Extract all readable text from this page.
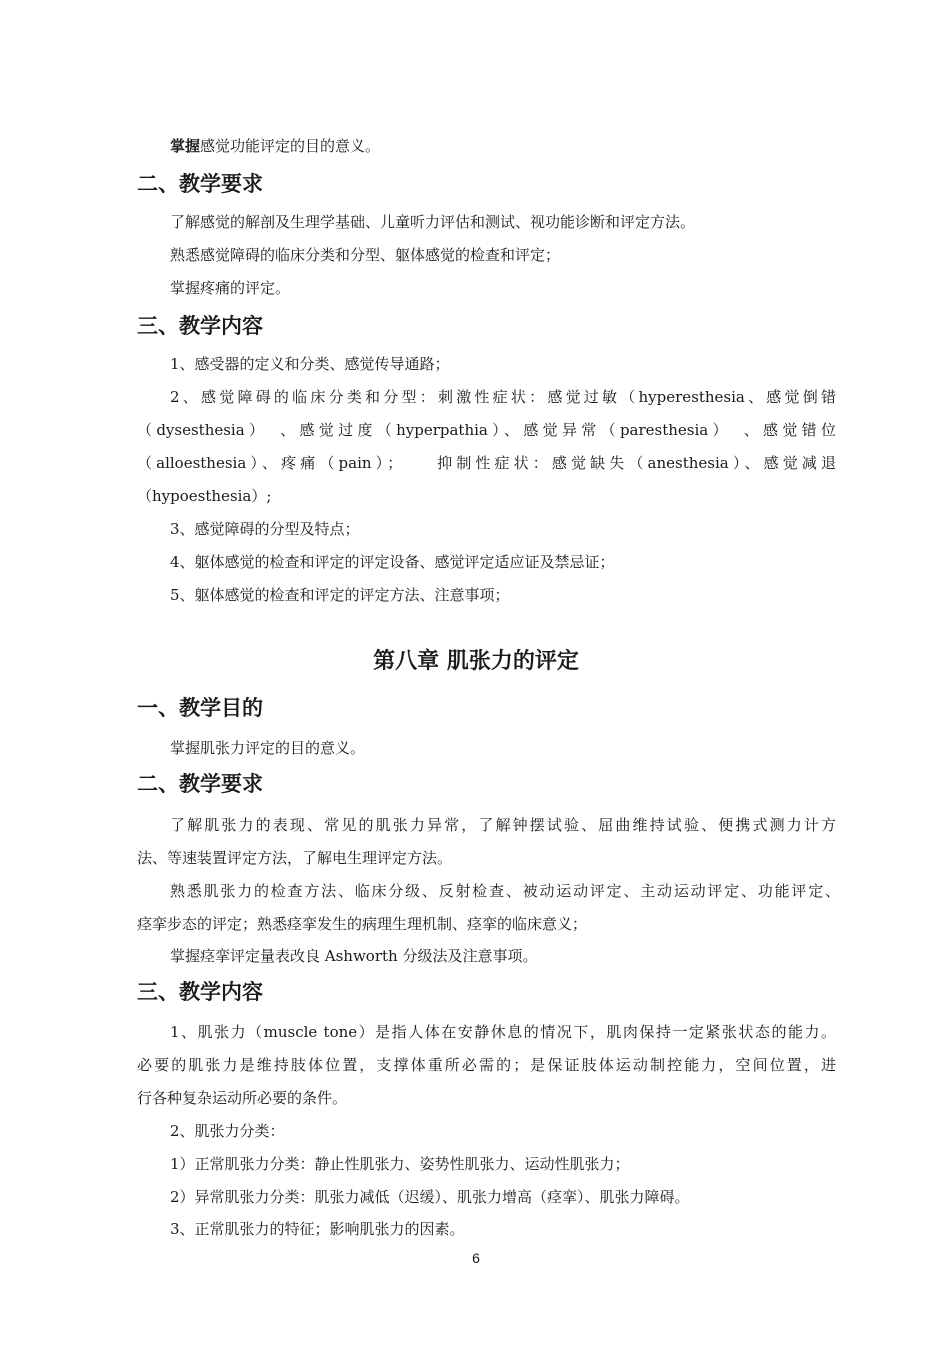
掌握感觉功能评定的目的意义。
二、教学要求
了解感觉的解剖及生理学基础、儿童听力评估和测试、视功能诊断和评定方法。
熟悉感觉障碍的临床分类和分型、躯体感觉的检查和评定；
掌握疼痛的评定。
三、教学内容
1、感受器的定义和分类、感觉传导通路；
2、感觉障碍的临床分类和分型：刺激性症状：感觉过敏（hyperesthesia、感觉倒错
（dysesthesia）　、感觉过度（hyperpathia）、感觉异常（paresthesia）　、感觉错位
（alloesthesia）、疼痛（pain）；　　抑制性症状：感觉缺失（anesthesia）、感觉减退
（hypoesthesia）;
3、感觉障碍的分型及特点；
4、躯体感觉的检查和评定的评定设备、感觉评定适应证及禁忌证；
5、躯体感觉的检查和评定的评定方法、注意事项；
第八章 肌张力的评定
一、教学目的
掌握肌张力评定的目的意义。
二、教学要求
了解肌张力的表现、常见的肌张力异常，了解钟摆试验、屈曲维持试验、便携式测力计方
法、等速装置评定方法，了解电生理评定方法。
熟悉肌张力的检查方法、临床分级、反射检查、被动运动评定、主动运动评定、功能评定、
痉挛步态的评定；熟悉痉挛发生的病理生理机制、痉挛的临床意义；
掌握痉挛评定量表改良 Ashworth 分级法及注意事项。
三、教学内容
1、肌张力（muscle tone）是指人体在安静休息的情况下，肌肉保持一定紧张状态的能力。
必要的肌张力是维持肢体位置，支撑体重所必需的；是保证肢体运动制控能力，空间位置，进
行各种复杂运动所必要的条件。
2、肌张力分类：
1）正常肌张力分类：静止性肌张力、姿势性肌张力、运动性肌张力；
2）异常肌张力分类：肌张力减低（迟缓）、肌张力增高（痉挛）、肌张力障碍。
3、正常肌张力的特征；影响肌张力的因素。
6
